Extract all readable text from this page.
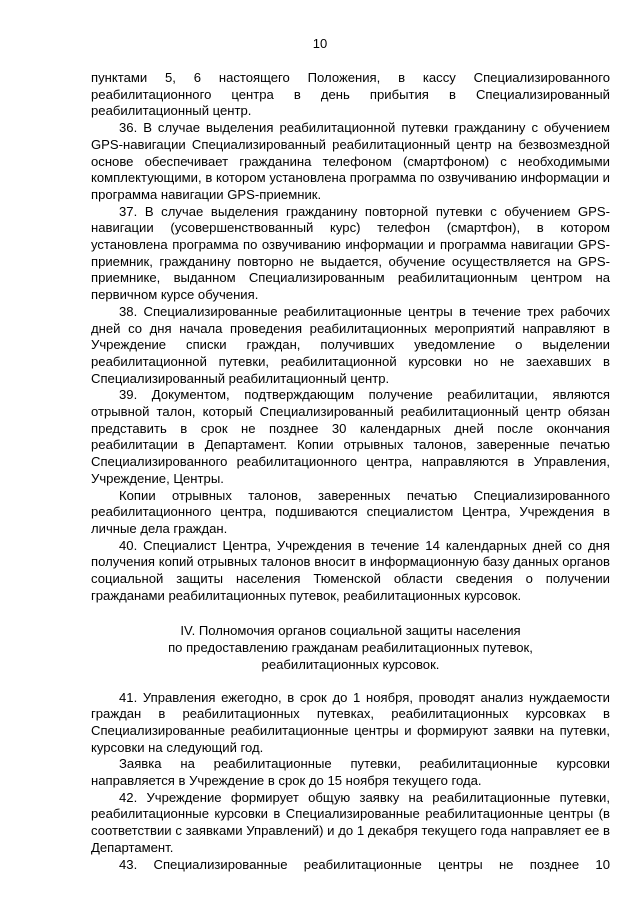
10

пунктами 5, 6 настоящего Положения, в кассу Специализированного реабилитационного центра в день прибытия в Специализированный реабилитационный центр.

36. В случае выделения реабилитационной путевки гражданину с обучением GPS-навигации Специализированный реабилитационный центр на безвозмездной основе обеспечивает гражданина телефоном (смартфоном) с необходимыми комплектующими, в котором установлена программа по озвучиванию информации и программа навигации GPS-приемник.

37. В случае выделения гражданину повторной путевки с обучением GPS-навигации (усовершенствованный курс) телефон (смартфон), в котором установлена программа по озвучиванию информации и программа навигации GPS-приемник, гражданину повторно не выдается, обучение осуществляется на GPS-приемнике, выданном Специализированным реабилитационным центром на первичном курсе обучения.

38. Специализированные реабилитационные центры в течение трех рабочих дней со дня начала проведения реабилитационных мероприятий направляют в Учреждение списки граждан, получивших уведомление о выделении реабилитационной путевки, реабилитационной курсовки но не заехавших в Специализированный реабилитационный центр.

39. Документом, подтверждающим получение реабилитации, являются отрывной талон, который Специализированный реабилитационный центр обязан представить в срок не позднее 30 календарных дней после окончания реабилитации в Департамент. Копии отрывных талонов, заверенные печатью Специализированного реабилитационного центра, направляются в Управления, Учреждение, Центры.

Копии отрывных талонов, заверенных печатью Специализированного реабилитационного центра, подшиваются специалистом Центра, Учреждения в личные дела граждан.

40. Специалист Центра, Учреждения в течение 14 календарных дней со дня получения копий отрывных талонов вносит в информационную базу данных органов социальной защиты населения Тюменской области сведения о получении гражданами реабилитационных путевок, реабилитационных курсовок.

IV. Полномочия органов социальной защиты населения
по предоставлению гражданам реабилитационных путевок,
реабилитационных курсовок.

41. Управления ежегодно, в срок до 1 ноября, проводят анализ нуждаемости граждан в реабилитационных путевках, реабилитационных курсовках в Специализированные реабилитационные центры и формируют заявки на путевки, курсовки на следующий год.

Заявка на реабилитационные путевки, реабилитационные курсовки направляется в Учреждение в срок до 15 ноября текущего года.

42. Учреждение формирует общую заявку на реабилитационные путевки, реабилитационные курсовки в Специализированные реабилитационные центры (в соответствии с заявками Управлений) и до 1 декабря текущего года направляет ее в Департамент.

43. Специализированные реабилитационные центры не позднее 10
